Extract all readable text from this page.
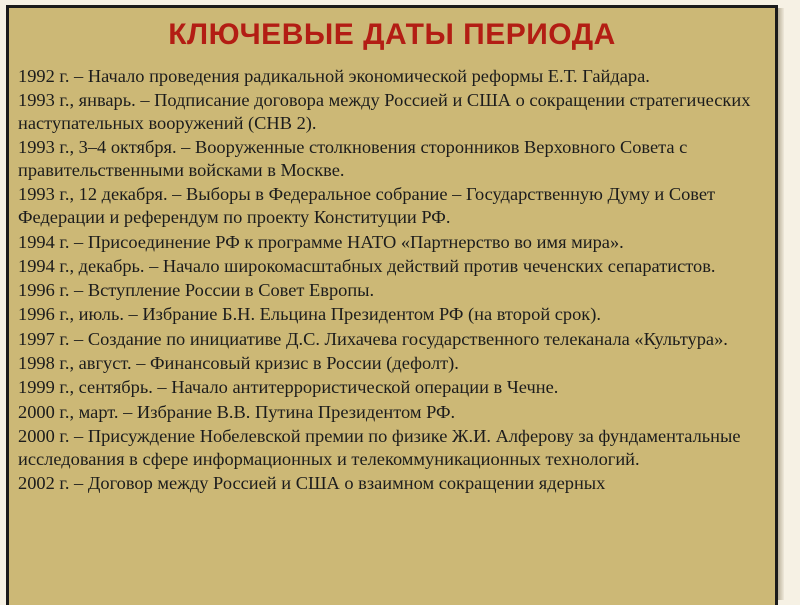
КЛЮЧЕВЫЕ ДАТЫ ПЕРИОДА
1992 г. – Начало проведения радикальной экономической реформы Е.Т. Гайдара.
1993 г., январь. – Подписание договора между Россией и США о сокращении стратегических наступательных вооружений (СНВ 2).
1993 г., 3–4 октября. – Вооруженные столкновения сторонников Верховного Совета с правительственными войсками в Москве.
1993 г., 12 декабря. – Выборы в Федеральное собрание – Государственную Думу и Совет Федерации и референдум по проекту Конституции РФ.
1994 г. – Присоединение РФ к программе НАТО «Партнерство во имя мира».
1994 г., декабрь. – Начало широкомасштабных действий против чеченских сепаратистов.
1996 г. – Вступление России в Совет Европы.
1996 г., июль. – Избрание Б.Н. Ельцина Президентом РФ (на второй срок).
1997 г. – Создание по инициативе Д.С. Лихачева государственного телеканала «Культура».
1998 г., август. – Финансовый кризис в России (дефолт).
1999 г., сентябрь. – Начало антитеррористической операции в Чечне.
2000 г., март. – Избрание В.В. Путина Президентом РФ.
2000 г. – Присуждение Нобелевской премии по физике Ж.И. Алферову за фундаментальные исследования в сфере информационных и телекоммуникационных технологий.
2002 г. – Договор между Россией и США о взаимном сокращении ядерных
